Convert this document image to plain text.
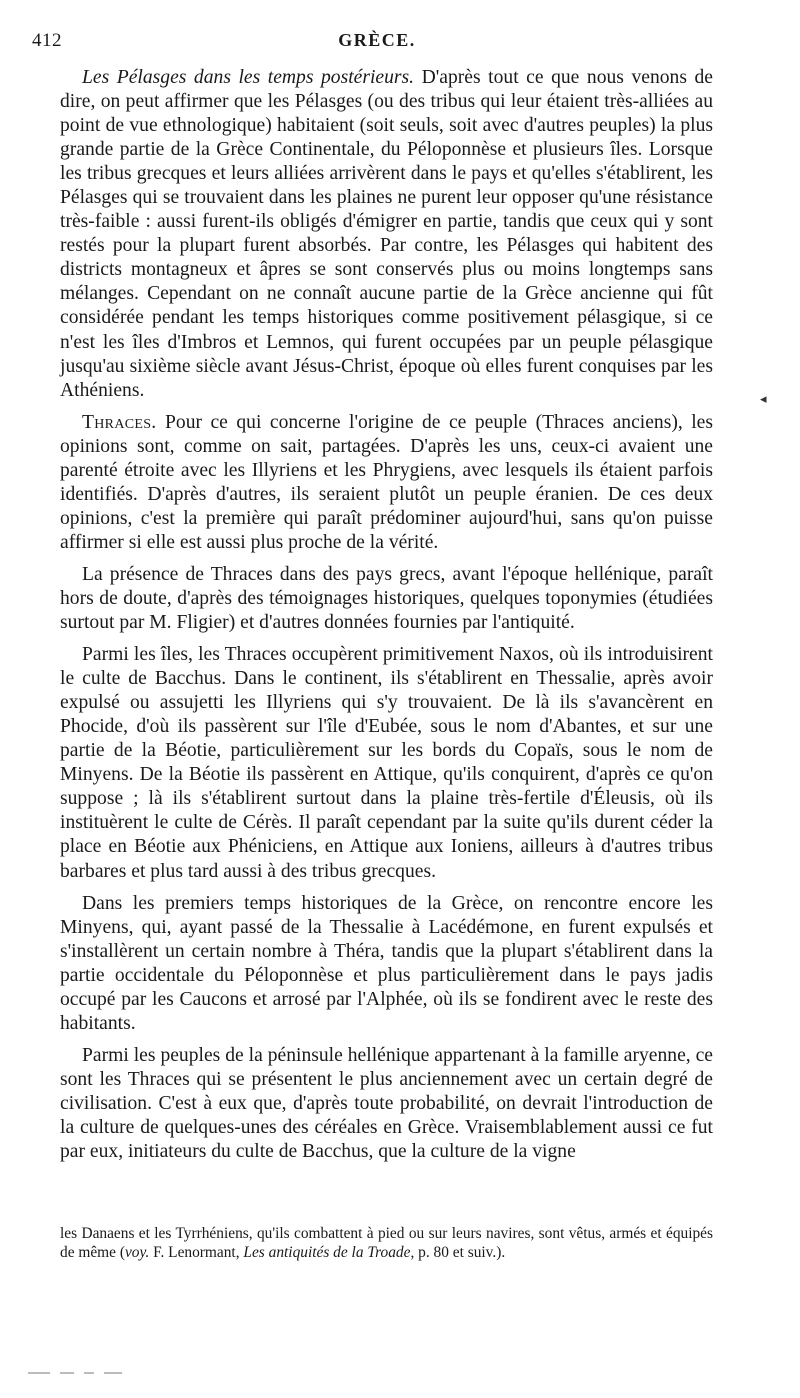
412	GRÈCE.

Les Pélasges dans les temps postérieurs. D'après tout ce que nous venons de dire, on peut affirmer que les Pélasges (ou des tribus qui leur étaient très-alliées au point de vue ethnologique) habitaient (soit seuls, soit avec d'autres peuples) la plus grande partie de la Grèce Continentale, du Péloponnèse et plusieurs îles. Lorsque les tribus grecques et leurs alliées arrivèrent dans le pays et qu'elles s'établirent, les Pélasges qui se trouvaient dans les plaines ne purent leur opposer qu'une résistance très-faible : aussi furent-ils obligés d'émigrer en partie, tandis que ceux qui y sont restés pour la plupart furent absorbés. Par contre, les Pélasges qui habitent des districts montagneux et âpres se sont conservés plus ou moins longtemps sans mélanges. Cependant on ne connaît aucune partie de la Grèce ancienne qui fût considérée pendant les temps historiques comme positivement pélasgique, si ce n'est les îles d'Imbros et Lemnos, qui furent occupées par un peuple pélasgique jusqu'au sixième siècle avant Jésus-Christ, époque où elles furent conquises par les Athéniens.

Thraces. Pour ce qui concerne l'origine de ce peuple (Thraces anciens), les opinions sont, comme on sait, partagées. D'après les uns, ceux-ci avaient une parenté étroite avec les Illyriens et les Phrygiens, avec lesquels ils étaient parfois identifiés. D'après d'autres, ils seraient plutôt un peuple éranien. De ces deux opinions, c'est la première qui paraît prédominer aujourd'hui, sans qu'on puisse affirmer si elle est aussi plus proche de la vérité.

La présence de Thraces dans des pays grecs, avant l'époque hellénique, paraît hors de doute, d'après des témoignages historiques, quelques toponymies (étudiées surtout par M. Fligier) et d'autres données fournies par l'antiquité.

Parmi les îles, les Thraces occupèrent primitivement Naxos, où ils introduisirent le culte de Bacchus. Dans le continent, ils s'établirent en Thessalie, après avoir expulsé ou assujetti les Illyriens qui s'y trouvaient. De là ils s'avancèrent en Phocide, d'où ils passèrent sur l'île d'Eubée, sous le nom d'Abantes, et sur une partie de la Béotie, particulièrement sur les bords du Copaïs, sous le nom de Minyens. De la Béotie ils passèrent en Attique, qu'ils conquirent, d'après ce qu'on suppose ; là ils s'établirent surtout dans la plaine très-fertile d'Éleusis, où ils instituèrent le culte de Cérès. Il paraît cependant par la suite qu'ils durent céder la place en Béotie aux Phéniciens, en Attique aux Ioniens, ailleurs à d'autres tribus barbares et plus tard aussi à des tribus grecques.

Dans les premiers temps historiques de la Grèce, on rencontre encore les Minyens, qui, ayant passé de la Thessalie à Lacédémone, en furent expulsés et s'installèrent un certain nombre à Théra, tandis que la plupart s'établirent dans la partie occidentale du Péloponnèse et plus particulièrement dans le pays jadis occupé par les Caucons et arrosé par l'Alphée, où ils se fondirent avec le reste des habitants.

Parmi les peuples de la péninsule hellénique appartenant à la famille aryenne, ce sont les Thraces qui se présentent le plus anciennement avec un certain degré de civilisation. C'est à eux que, d'après toute probabilité, on devrait l'introduction de la culture de quelques-unes des céréales en Grèce. Vraisemblablement aussi ce fut par eux, initiateurs du culte de Bacchus, que la culture de la vigne

les Danaens et les Tyrrhéniens, qu'ils combattent à pied ou sur leurs navires, sont vêtus, armés et équipés de même (voy. F. Lenormant, Les antiquités de la Troade, p. 80 et suiv.).
◂
